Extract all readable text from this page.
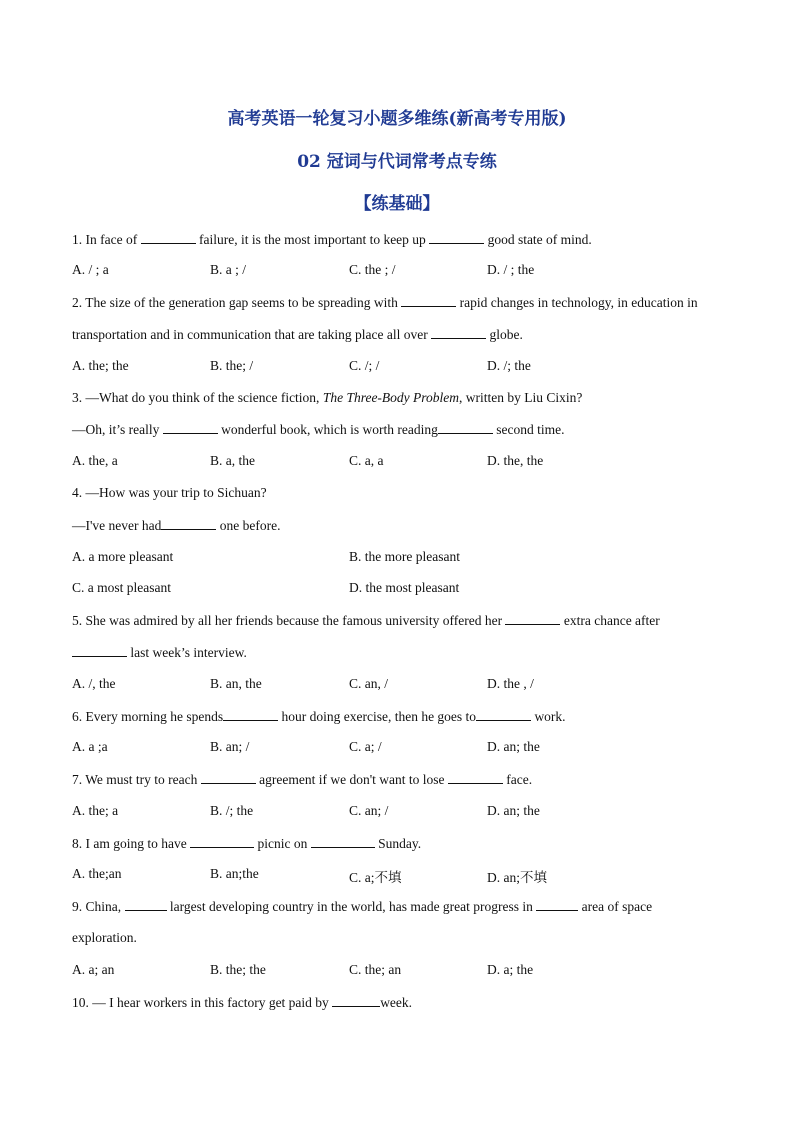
高考英语一轮复习小题多维练(新高考专用版)
02 冠词与代词常考点专练
【练基础】
1. In face of	failure, it is the most important to keep up	good state of mind.
A. / ; a	B. a ; /	C. the ; /	D. / ; the
2. The size of the generation gap seems to be spreading with	rapid changes in technology, in education in
transportation and in communication that are taking place all over	globe.
A. the; the	B. the; /	C. /; /	D. /; the
3. —What do you think of the science fiction, The Three-Body Problem, written by Liu Cixin?
—Oh, it’s really	wonderful book, which is worth reading	second time.
A. the, a	B. a, the	C. a, a	D. the, the
4. —How was your trip to Sichuan?
—I've never had	one before.
A. a more pleasant	B. the more pleasant
C. a most pleasant	D. the most pleasant
5. She was admired by all her friends because the famous university offered her	extra chance after
last week’s interview.
A. /, the	B. an, the	C. an, /	D. the , /
6. Every morning he spends	hour doing exercise, then he goes to	work.
A. a ;a	B. an; /	C. a; /	D. an; the
7. We must try to reach	agreement if we don't want to lose	face.
A. the; a	B. /; the	C. an; /	D. an; the
8. I am going to have	picnic on	Sunday.
A. the;an	B. an;the	C. a;不填	D. an;不填
9. China,	largest developing country in the world, has made great progress in	area of space
exploration.
A. a; an	B. the; the	C. the; an	D. a; the
10. — I hear workers in this factory get paid by	week.
